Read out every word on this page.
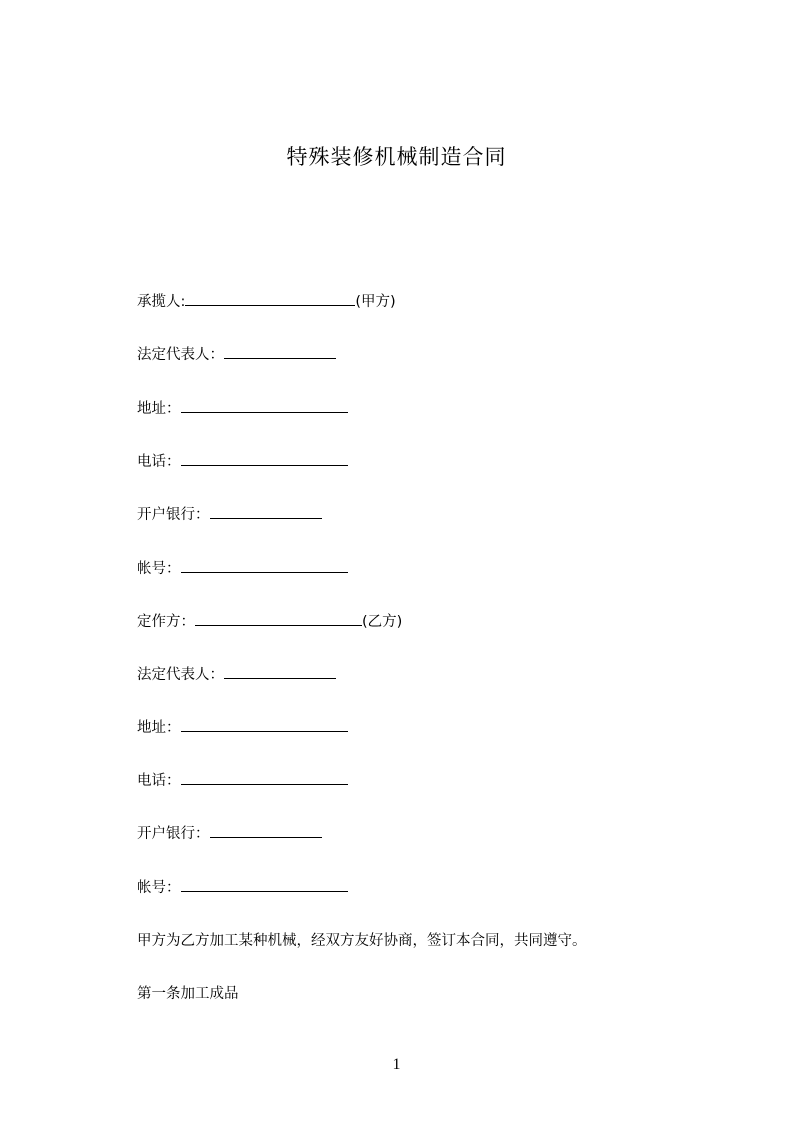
特殊装修机械制造合同
承揽人:	(甲方)
法定代表人：
地址：
电话：
开户银行：
帐号：
定作方：	(乙方)
法定代表人：
地址：
电话：
开户银行：
帐号：
甲方为乙方加工某种机械，经双方友好协商，签订本合同，共同遵守。
第一条加工成品
1
